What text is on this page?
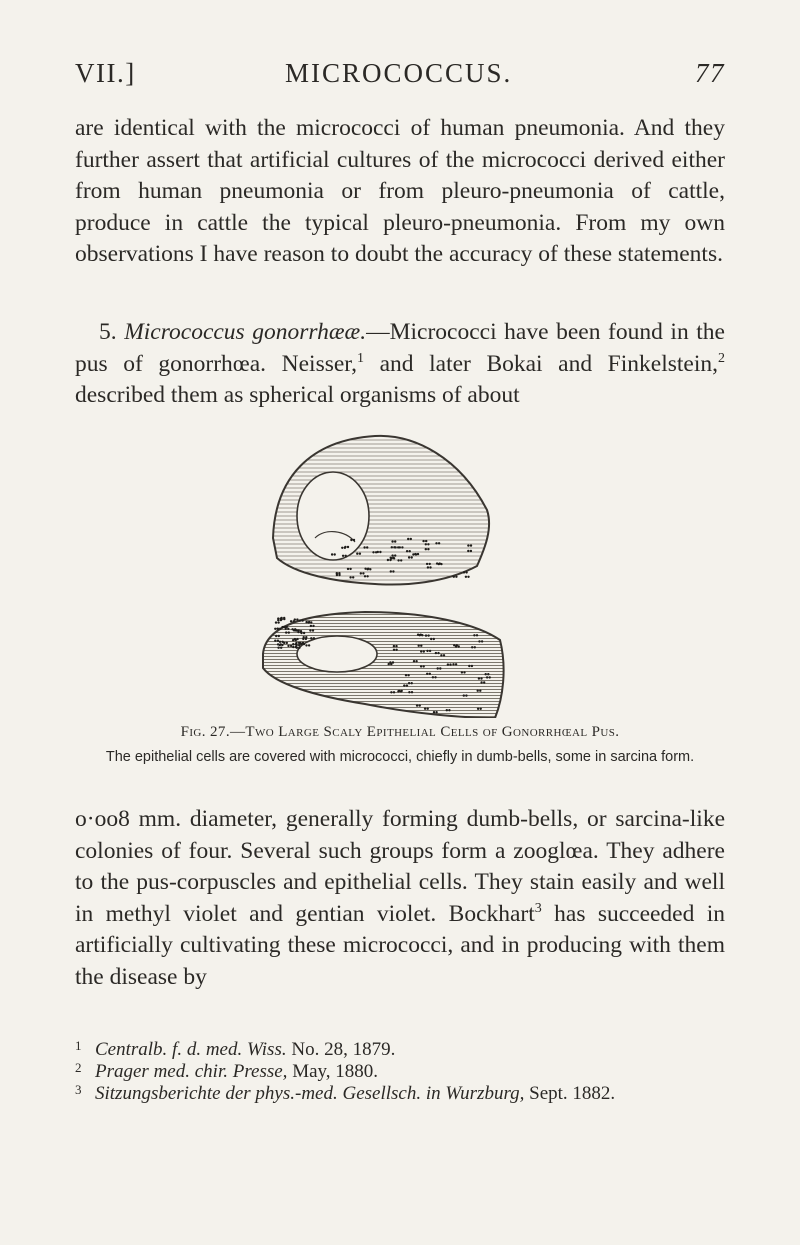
VII.]	MICROCOCCUS.	77

are identical with the micrococci of human pneumonia. And they further assert that artificial cultures of the micrococci derived either from human pneumonia or from pleuro-pneumonia of cattle, produce in cattle the typical pleuro-pneumonia. From my own observations I have reason to doubt the accuracy of these statements.

5. Micrococcus gonorrhææ.—Micrococci have been found in the pus of gonorrhœa. Neisser,$^1$ and later Bokai and Finkelstein,$^2$ described them as spherical organisms of about

Fig. 27.—Two Large Scaly Epithelial Cells of Gonorrhœal Pus.
The epithelial cells are covered with micrococci, chiefly in dumb-bells, some in sarcina form.

o·oo8 mm. diameter, generally forming dumb-bells, or sarcina-like colonies of four. Several such groups form a zooglœa. They adhere to the pus-corpuscles and epithelial cells. They stain easily and well in methyl violet and gentian violet. Bockhart$^3$ has succeeded in artificially cultivating these micrococci, and in producing with them the disease by

1 Centralb. f. d. med. Wiss. No. 28, 1879.

2 Prager med. chir. Presse, May, 1880.

3 Sitzungsberichte der phys.-med. Gesellsch. in Wurzburg, Sept. 1882.
